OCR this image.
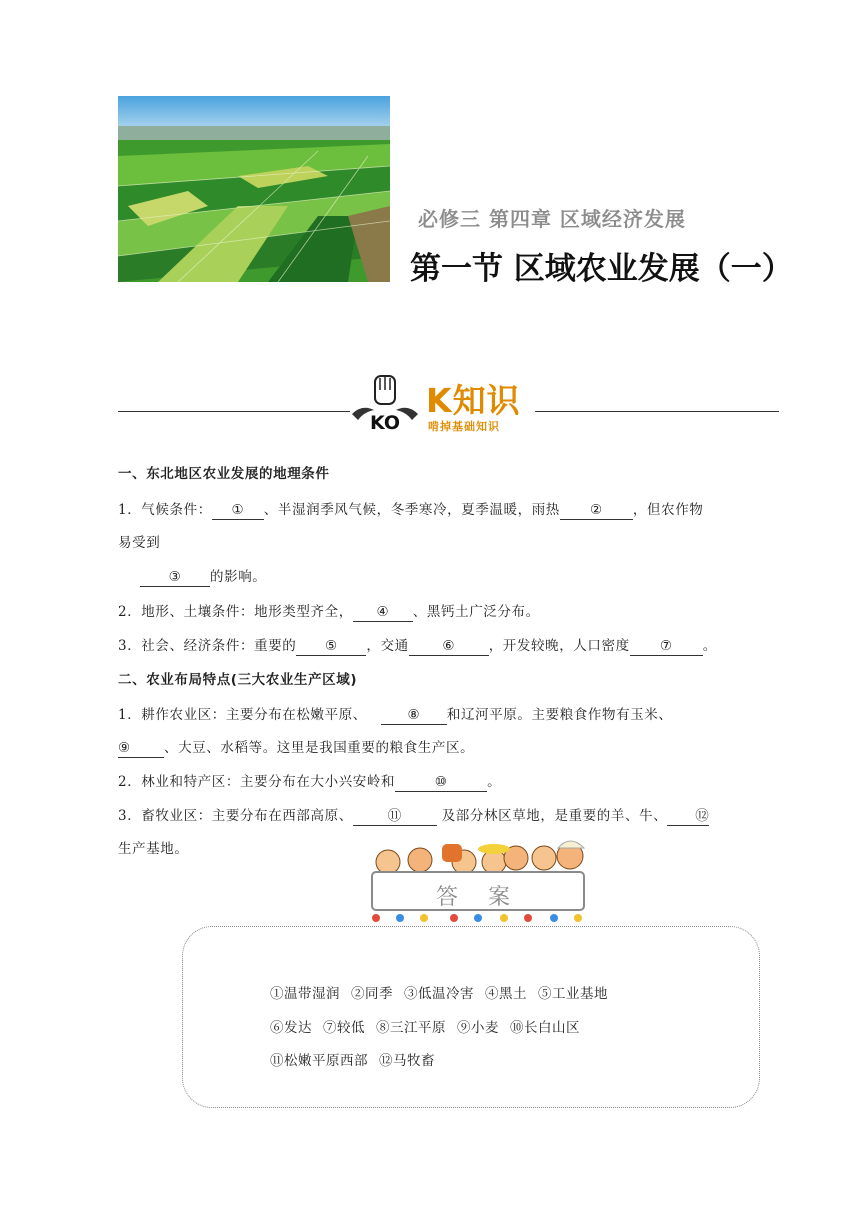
必修三 第四章 区域经济发展
第一节 区域农业发展（一）
KO
K知识
啃掉基础知识
一、东北地区农业发展的地理条件
1．气候条件： ① 、半湿润季风气候，冬季寒冷，夏季温暖，雨热 ② ，但农作物
易受到
③ 的影响。
2．地形、土壤条件：地形类型齐全， ④ 、黑钙土广泛分布。
3．社会、经济条件：重要的 ⑤ ，交通 ⑥ ，开发较晚，人口密度 ⑦ 。
二、农业布局特点(三大农业生产区域)
1．耕作农业区：主要分布在松嫩平原、	⑧ 和辽河平原。主要粮食作物有玉米、
⑨ 、大豆、水稻等。这里是我国重要的粮食生产区。
2．林业和特产区：主要分布在大小兴安岭和	⑩	。
3．畜牧业区：主要分布在西部高原、	⑪	及部分林区草地，是重要的羊、牛、 ⑫
生产基地。
答案
①温带湿润 ②同季 ③低温冷害 ④黑土 ⑤工业基地
⑥发达 ⑦较低 ⑧三江平原 ⑨小麦 ⑩长白山区
⑪松嫩平原西部 ⑫马牧畜
